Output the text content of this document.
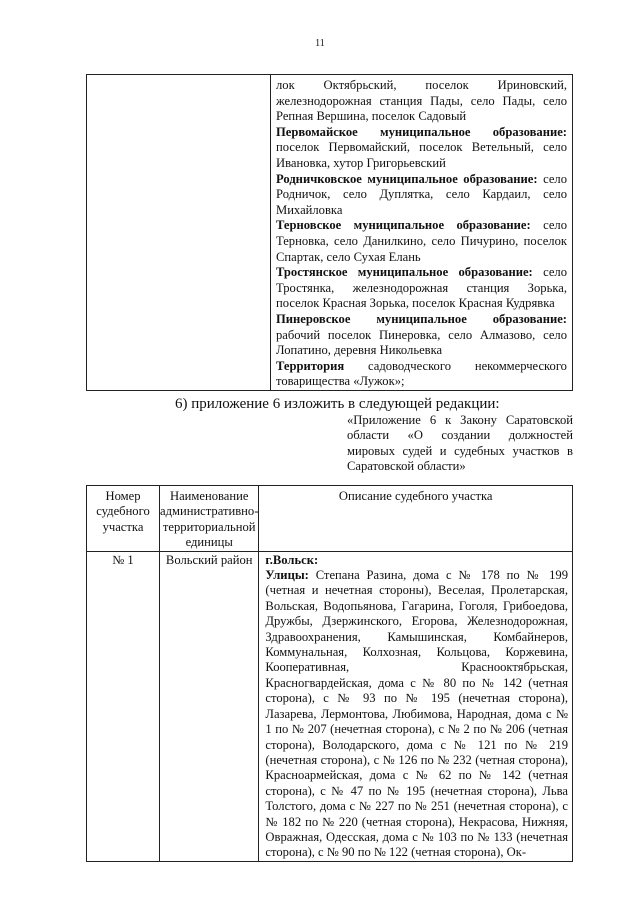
11

лок Октябрьский, поселок Ириновский, железнодорожная станция Пады, село Пады, село Репная Вершина, поселок Садовый

Первомайское муниципальное образование: поселок Первомайский, поселок Ветельный, село Ивановка, хутор Григорьевский

Родничковское муниципальное образование: село Родничок, село Дуплятка, село Кардаил, село Михайловка

Терновское муниципальное образование: село Терновка, село Данилкино, село Пичурино, поселок Спартак, село Сухая Елань

Тростянское муниципальное образование: село Тростянка, железнодорожная станция Зорька, поселок Красная Зорька, поселок Красная Кудрявка

Пинеровское муниципальное образование: рабочий поселок Пинеровка, село Алмазово, село Лопатино, деревня Никольевка

Территория садоводческого некоммерческого товарищества «Лужок»;

6) приложение 6 изложить в следующей редакции:
«Приложение 6 к Закону Саратовской области «О создании должностей мировых судей и судебных участков в Саратовской области»
Номер судебного участка	Наименование административно-территориальной единицы	Описание судебного участка
№ 1	Вольский район	г.Вольск:
Улицы: Степана Разина, дома с № 178 по № 199 (четная и нечетная стороны), Веселая, Пролетарская, Вольская, Водопьянова, Гагарина, Гоголя, Грибоедова, Дружбы, Дзержинского, Егорова, Железнодорожная, Здравоохранения, Камышинская, Комбайнеров, Коммунальная, Колхозная, Кольцова, Коржевина, Кооперативная, Краснооктябрьская, Красногвардейская, дома с № 80 по № 142 (четная сторона), с № 93 по № 195 (нечетная сторона), Лазарева, Лермонтова, Любимова, Народная, дома с № 1 по № 207 (нечетная сторона), с № 2 по № 206 (четная сторона), Володарского, дома с № 121 по № 219 (нечетная сторона), с № 126 по № 232 (четная сторона), Красноармейская, дома с № 62 по № 142 (четная сторона), с № 47 по № 195 (нечетная сторона), Льва Толстого, дома с № 227 по № 251 (нечетная сторона), с № 182 по № 220 (четная сторона), Некрасова, Нижняя, Овражная, Одесская, дома с № 103 по № 133 (нечетная сторона), с № 90 по № 122 (четная сторона), Ок-
